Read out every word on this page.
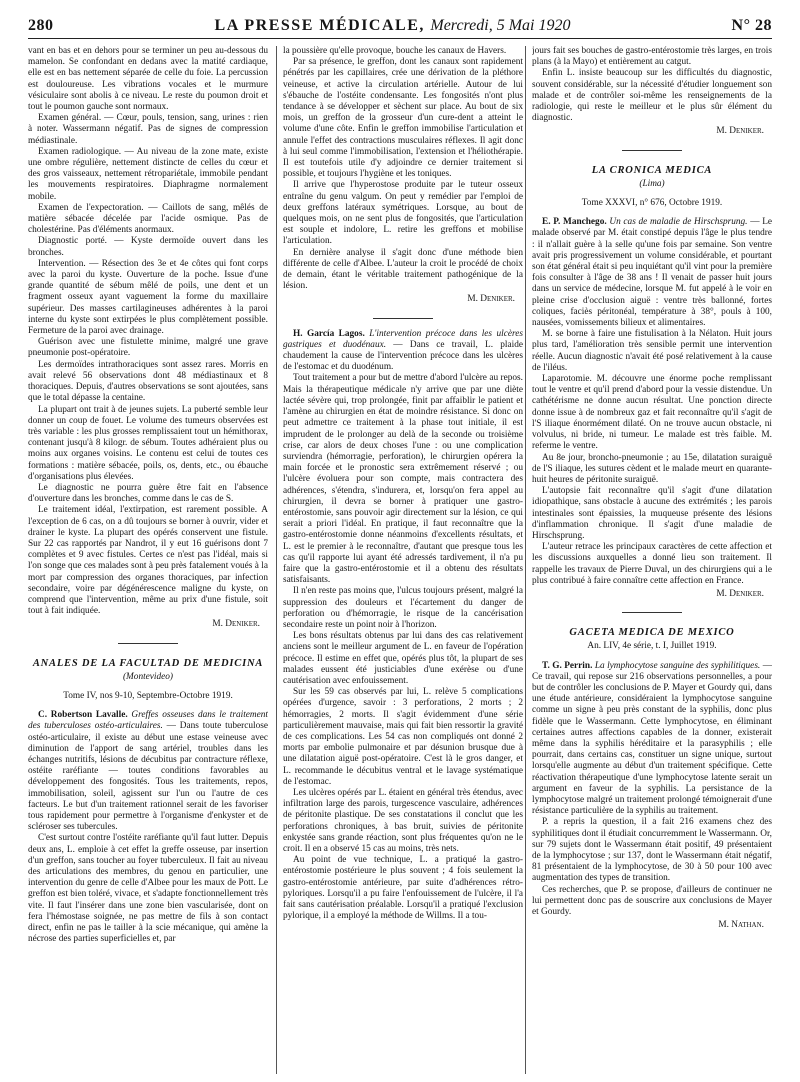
280	LA PRESSE MÉDICALE, Mercredi, 5 Mai 1920	N° 28

vant en bas et en dehors pour se terminer un peu au-dessous du mamelon. Se confondant en dedans avec la matité cardiaque, elle est en bas nettement séparée de celle du foie. La percussion est douloureuse. Les vibrations vocales et le murmure vésiculaire sont abolis à ce niveau. Le reste du poumon droit et tout le poumon gauche sont normaux.

Examen général. — Cœur, pouls, tension, sang, urines : rien à noter. Wassermann négatif. Pas de signes de compression médiastinale.

Examen radiologique. — Au niveau de la zone mate, existe une ombre régulière, nettement distincte de celles du cœur et des gros vaisseaux, nettement rétropariétale, immobile pendant les mouvements respiratoires. Diaphragme normalement mobile.

Examen de l'expectoration. — Caillots de sang, mêlés de matière sébacée décelée par l'acide osmique. Pas de cholestérine. Pas d'éléments anormaux.

Diagnostic porté. — Kyste dermoïde ouvert dans les bronches.

Intervention. — Résection des 3e et 4e côtes qui font corps avec la paroi du kyste. Ouverture de la poche. Issue d'une grande quantité de sébum mêlé de poils, une dent et un fragment osseux ayant vaguement la forme du maxillaire supérieur. Des masses cartilagineuses adhérentes à la paroi interne du kyste sont extirpées le plus complètement possible. Fermeture de la paroi avec drainage.

Guérison avec une fistulette minime, malgré une grave pneumonie post-opératoire.

Les dermoïdes intrathoraciques sont assez rares. Morris en avait relevé 56 observations dont 48 médiastinaux et 8 thoraciques. Depuis, d'autres observations se sont ajoutées, sans que le total dépasse la centaine.

La plupart ont trait à de jeunes sujets. La puberté semble leur donner un coup de fouet. Le volume des tumeurs observées est très variable : les plus grosses remplissaient tout un hémithorax, contenant jusqu'à 8 kilogr. de sébum. Toutes adhéraient plus ou moins aux organes voisins. Le contenu est celui de toutes ces formations : matière sébacée, poils, os, dents, etc., ou ébauche d'organisations plus élevées.

Le diagnostic ne pourra guère être fait en l'absence d'ouverture dans les bronches, comme dans le cas de S.

Le traitement idéal, l'extirpation, est rarement possible. A l'exception de 6 cas, on a dû toujours se borner à ouvrir, vider et drainer le kyste. La plupart des opérés conservent une fistule. Sur 22 cas rapportés par Nandrot, il y eut 16 guérisons dont 7 complètes et 9 avec fistules. Certes ce n'est pas l'idéal, mais si l'on songe que ces malades sont à peu près fatalement voués à la mort par compression des organes thoraciques, par infection secondaire, voire par dégénérescence maligne du kyste, on comprend que l'intervention, même au prix d'une fistule, soit tout à fait indiquée.

M. Denıker.

ANALES DE LA FACULTAD DE MEDICINA

(Montevideo)

Tome IV, nos 9-10, Septembre-Octobre 1919.

C. Robertson Lavalle. Greffes osseuses dans le traitement des tuberculoses ostéo-articulaires. — Dans toute tuberculose ostéo-articulaire, il existe au début une estase veineuse avec diminution de l'apport de sang artériel, troubles dans les échanges nutritifs, lésions de décubitus par contracture réflexe, ostéite raréfiante — toutes conditions favorables au développement des fongosités. Tous les traitements, repos, immobilisation, soleil, agissent sur l'un ou l'autre de ces facteurs. Le but d'un traitement rationnel serait de les favoriser tous rapidement pour permettre à l'organisme d'enkyster et de scléroser ses tubercules.

C'est surtout contre l'ostéite raréfiante qu'il faut lutter. Depuis deux ans, L. emploie à cet effet la greffe osseuse, par insertion d'un greffon, sans toucher au foyer tuberculeux. Il fait au niveau des articulations des membres, du genou en particulier, une intervention du genre de celle d'Albee pour les maux de Pott. Le greffon est bien toléré, vivace, et s'adapte fonctionnellement très vite. Il faut l'insérer dans une zone bien vascularisée, dont on fera l'hémostase soignée, ne pas mettre de fils à son contact direct, enfin ne pas le tailler à la scie mécanique, qui amène la nécrose des parties superficielles et, par

la poussière qu'elle provoque, bouche les canaux de Havers.

Par sa présence, le greffon, dont les canaux sont rapidement pénétrés par les capillaires, crée une dérivation de la pléthore veineuse, et active la circulation artérielle. Autour de lui s'ébauche de l'ostéite condensante. Les fongosités n'ont plus tendance à se développer et sèchent sur place. Au bout de six mois, un greffon de la grosseur d'un cure-dent a atteint le volume d'une côte. Enfin le greffon immobilise l'articulation et annule l'effet des contractions musculaires réflexes. Il agit donc à lui seul comme l'immobilisation, l'extension et l'héliothérapie. Il est toutefois utile d'y adjoindre ce dernier traitement si possible, et toujours l'hygiène et les toniques.

Il arrive que l'hyperostose produite par le tuteur osseux entraîne du genu valgum. On peut y remédier par l'emploi de deux greffons latéraux symétriques. Lorsque, au bout de quelques mois, on ne sent plus de fongosités, que l'articulation est souple et indolore, L. retire les greffons et mobilise l'articulation.

En dernière analyse il s'agit donc d'une méthode bien différente de celle d'Albee. L'auteur la croit le procédé de choix de demain, étant le véritable traitement pathogénique de la lésion.

M. Denıker.

H. García Lagos. L'intervention précoce dans les ulcères gastriques et duodénaux. — Dans ce travail, L. plaide chaudement la cause de l'intervention précoce dans les ulcères de l'estomac et du duodénum.

Tout traitement a pour but de mettre d'abord l'ulcère au repos. Mais la thérapeutique médicale n'y arrive que par une diète lactée sévère qui, trop prolongée, finit par affaiblir le patient et l'amène au chirurgien en état de moindre résistance. Si donc on peut admettre ce traitement à la phase tout initiale, il est imprudent de le prolonger au delà de la seconde ou troisième crise, car alors de deux choses l'une : ou une complication surviendra (hémorragie, perforation), le chirurgien opérera la main forcée et le pronostic sera extrêmement réservé ; ou l'ulcère évoluera pour son compte, mais contractera des adhérences, s'étendra, s'indurera, et, lorsqu'on fera appel au chirurgien, il devra se borner à pratiquer une gastro-entérostomie, sans pouvoir agir directement sur la lésion, ce qui serait a priori l'idéal. En pratique, il faut reconnaître que la gastro-entérostomie donne néanmoins d'excellents résultats, et L. est le premier à le reconnaître, d'autant que presque tous les cas qu'il rapporte lui ayant été adressés tardivement, il n'a pu faire que la gastro-entérostomie et il a obtenu des résultats satisfaisants.

Il n'en reste pas moins que, l'ulcus toujours présent, malgré la suppression des douleurs et l'écartement du danger de perforation ou d'hémorragie, le risque de la cancérisation secondaire reste un point noir à l'horizon.

Les bons résultats obtenus par lui dans des cas relativement anciens sont le meilleur argument de L. en faveur de l'opération précoce. Il estime en effet que, opérés plus tôt, la plupart de ses malades eussent été justiciables d'une exérèse ou d'une cautérisation avec enfouissement.

Sur les 59 cas observés par lui, L. relève 5 complications opérées d'urgence, savoir : 3 perforations, 2 morts ; 2 hémorragies, 2 morts. Il s'agit évidemment d'une série particulièrement mauvaise, mais qui fait bien ressortir la gravité de ces complications. Les 54 cas non compliqués ont donné 2 morts par embolie pulmonaire et par désunion brusque due à une dilatation aiguë post-opératoire. C'est là le gros danger, et L. recommande le décubitus ventral et le lavage systématique de l'estomac.

Les ulcères opérés par L. étaient en général très étendus, avec infiltration large des parois, turgescence vasculaire, adhérences de péritonite plastique. De ses constatations il conclut que les perforations chroniques, à bas bruit, suivies de péritonite enkystée sans grande réaction, sont plus fréquentes qu'on ne le croit. Il en a observé 15 cas au moins, très nets.

Au point de vue technique, L. a pratiqué la gastro-entérostomie postérieure le plus souvent ; 4 fois seulement la gastro-entérostomie antérieure, par suite d'adhérences rétro-pyloriques. Lorsqu'il a pu faire l'enfouissement de l'ulcère, il l'a fait sans cautérisation préalable. Lorsqu'il a pratiqué l'exclusion pylorique, il a employé la méthode de Willms. Il a tou-

jours fait ses bouches de gastro-entérostomie très larges, en trois plans (à la Mayo) et entièrement au catgut.

Enfin L. insiste beaucoup sur les difficultés du diagnostic, souvent considérable, sur la nécessité d'étudier longuement son malade et de contrôler soi-même les renseignements de la radiologie, qui reste le meilleur et le plus sûr élément du diagnostic.

M. Denıker.

LA CRONICA MEDICA

(Lima)

Tome XXXVI, n° 676, Octobre 1919.

E. P. Manchego. Un cas de maladie de Hirschsprung. — Le malade observé par M. était constipé depuis l'âge le plus tendre : il n'allait guère à la selle qu'une fois par semaine. Son ventre avait pris progressivement un volume considérable, et pourtant son état général était si peu inquiétant qu'il vint pour la première fois consulter à l'âge de 38 ans ! Il venait de passer huit jours dans un service de médecine, lorsque M. fut appelé à le voir en pleine crise d'occlusion aiguë : ventre très ballonné, fortes coliques, faciès péritonéal, température à 38°, pouls à 100, nausées, vomissements bilieux et alimentaires.

M. se borne à faire une fistulisation à la Nélaton. Huit jours plus tard, l'amélioration très sensible permit une intervention réelle. Aucun diagnostic n'avait été posé relativement à la cause de l'iléus.

Laparotomie. M. découvre une énorme poche remplissant tout le ventre et qu'il prend d'abord pour la vessie distendue. Un cathétérisme ne donne aucun résultat. Une ponction directe donne issue à de nombreux gaz et fait reconnaître qu'il s'agit de l'S iliaque énormément dilaté. On ne trouve aucun obstacle, ni volvulus, ni bride, ni tumeur. Le malade est très faible. M. referme le ventre.

Au 8e jour, broncho-pneumonie ; au 15e, dilatation suraiguë de l'S iliaque, les sutures cèdent et le malade meurt en quarante-huit heures de péritonite suraiguë.

L'autopsie fait reconnaître qu'il s'agit d'une dilatation idiopathique, sans obstacle à aucune des extrémités ; les parois intestinales sont épaissies, la muqueuse présente des lésions d'inflammation chronique. Il s'agit d'une maladie de Hirschsprung.

L'auteur retrace les principaux caractères de cette affection et les discussions auxquelles a donné lieu son traitement. Il rappelle les travaux de Pierre Duval, un des chirurgiens qui a le plus contribué à faire connaître cette affection en France.

M. Denıker.

GACETA MEDICA DE MEXICO

An. LIV, 4e série, t. I, Juillet 1919.

T. G. Perrin. La lymphocytose sanguine des syphilitiques. — Ce travail, qui repose sur 216 observations personnelles, a pour but de contrôler les conclusions de P. Mayer et Gourdy qui, dans une étude antérieure, considéraient la lymphocytose sanguine comme un signe à peu près constant de la syphilis, donc plus fidèle que le Wassermann. Cette lymphocytose, en éliminant certaines autres affections capables de la donner, existerait même dans la syphilis héréditaire et la parasyphilis ; elle pourrait, dans certains cas, constituer un signe unique, surtout lorsqu'elle augmente au début d'un traitement spécifique. Cette réactivation thérapeutique d'une lymphocytose latente serait un argument en faveur de la syphilis. La persistance de la lymphocytose malgré un traitement prolongé témoignerait d'une résistance particulière de la syphilis au traitement.

P. a repris la question, il a fait 216 examens chez des syphilitiques dont il étudiait concurremment le Wassermann. Or, sur 79 sujets dont le Wassermann était positif, 49 présentaient de la lymphocytose ; sur 137, dont le Wassermann était négatif, 81 présentaient de la lymphocytose, de 30 à 50 pour 100 avec augmentation des types de transition.

Ces recherches, que P. se propose, d'ailleurs de continuer ne lui permettent donc pas de souscrire aux conclusions de Mayer et Gourdy.

M. Nathan.
